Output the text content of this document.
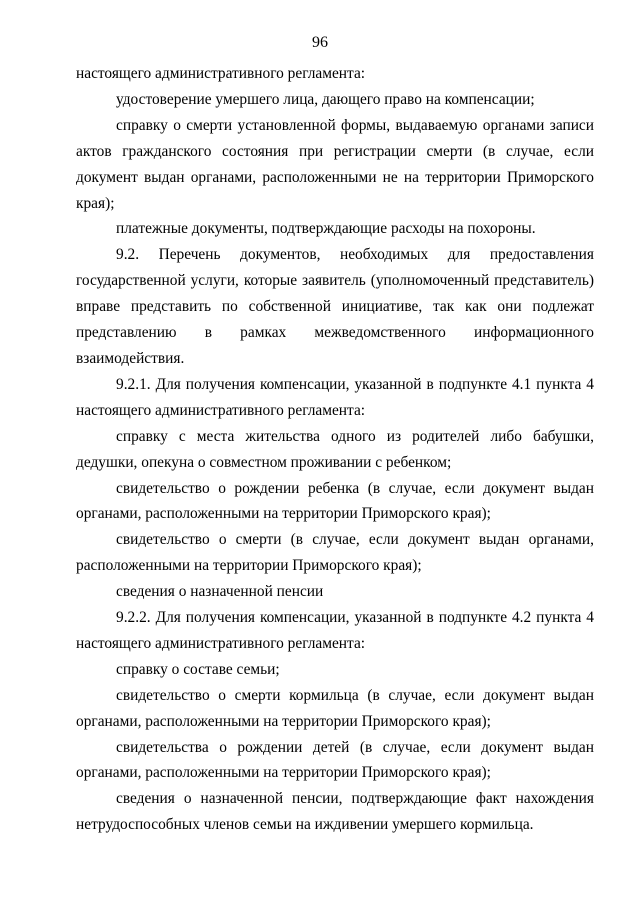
96

настоящего административного регламента:

удостоверение умершего лица, дающего право на компенсации;

справку о смерти установленной формы, выдаваемую органами записи актов гражданского состояния при регистрации смерти (в случае, если документ выдан органами, расположенными не на территории Приморского края);

платежные документы, подтверждающие расходы на похороны.

9.2. Перечень документов, необходимых для предоставления государственной услуги, которые заявитель (уполномоченный представитель) вправе представить по собственной инициативе, так как они подлежат представлению в рамках межведомственного информационного

взаимодействия.

9.2.1. Для получения компенсации, указанной в подпункте 4.1 пункта 4 настоящего административного регламента:

справку с места жительства одного из родителей либо бабушки, дедушки, опекуна о совместном проживании с ребенком;

свидетельство о рождении ребенка (в случае, если документ выдан органами, расположенными на территории Приморского края);

свидетельство о смерти (в случае, если документ выдан органами, расположенными на территории Приморского края);

сведения о назначенной пенсии

9.2.2. Для получения компенсации, указанной в подпункте 4.2 пункта 4 настоящего административного регламента:

справку о составе семьи;

свидетельство о смерти кормильца (в случае, если документ выдан органами, расположенными на территории Приморского края);

свидетельства о рождении детей (в случае, если документ выдан органами, расположенными на территории Приморского края);

сведения о назначенной пенсии, подтверждающие факт нахождения нетрудоспособных членов семьи на иждивении умершего кормильца.
